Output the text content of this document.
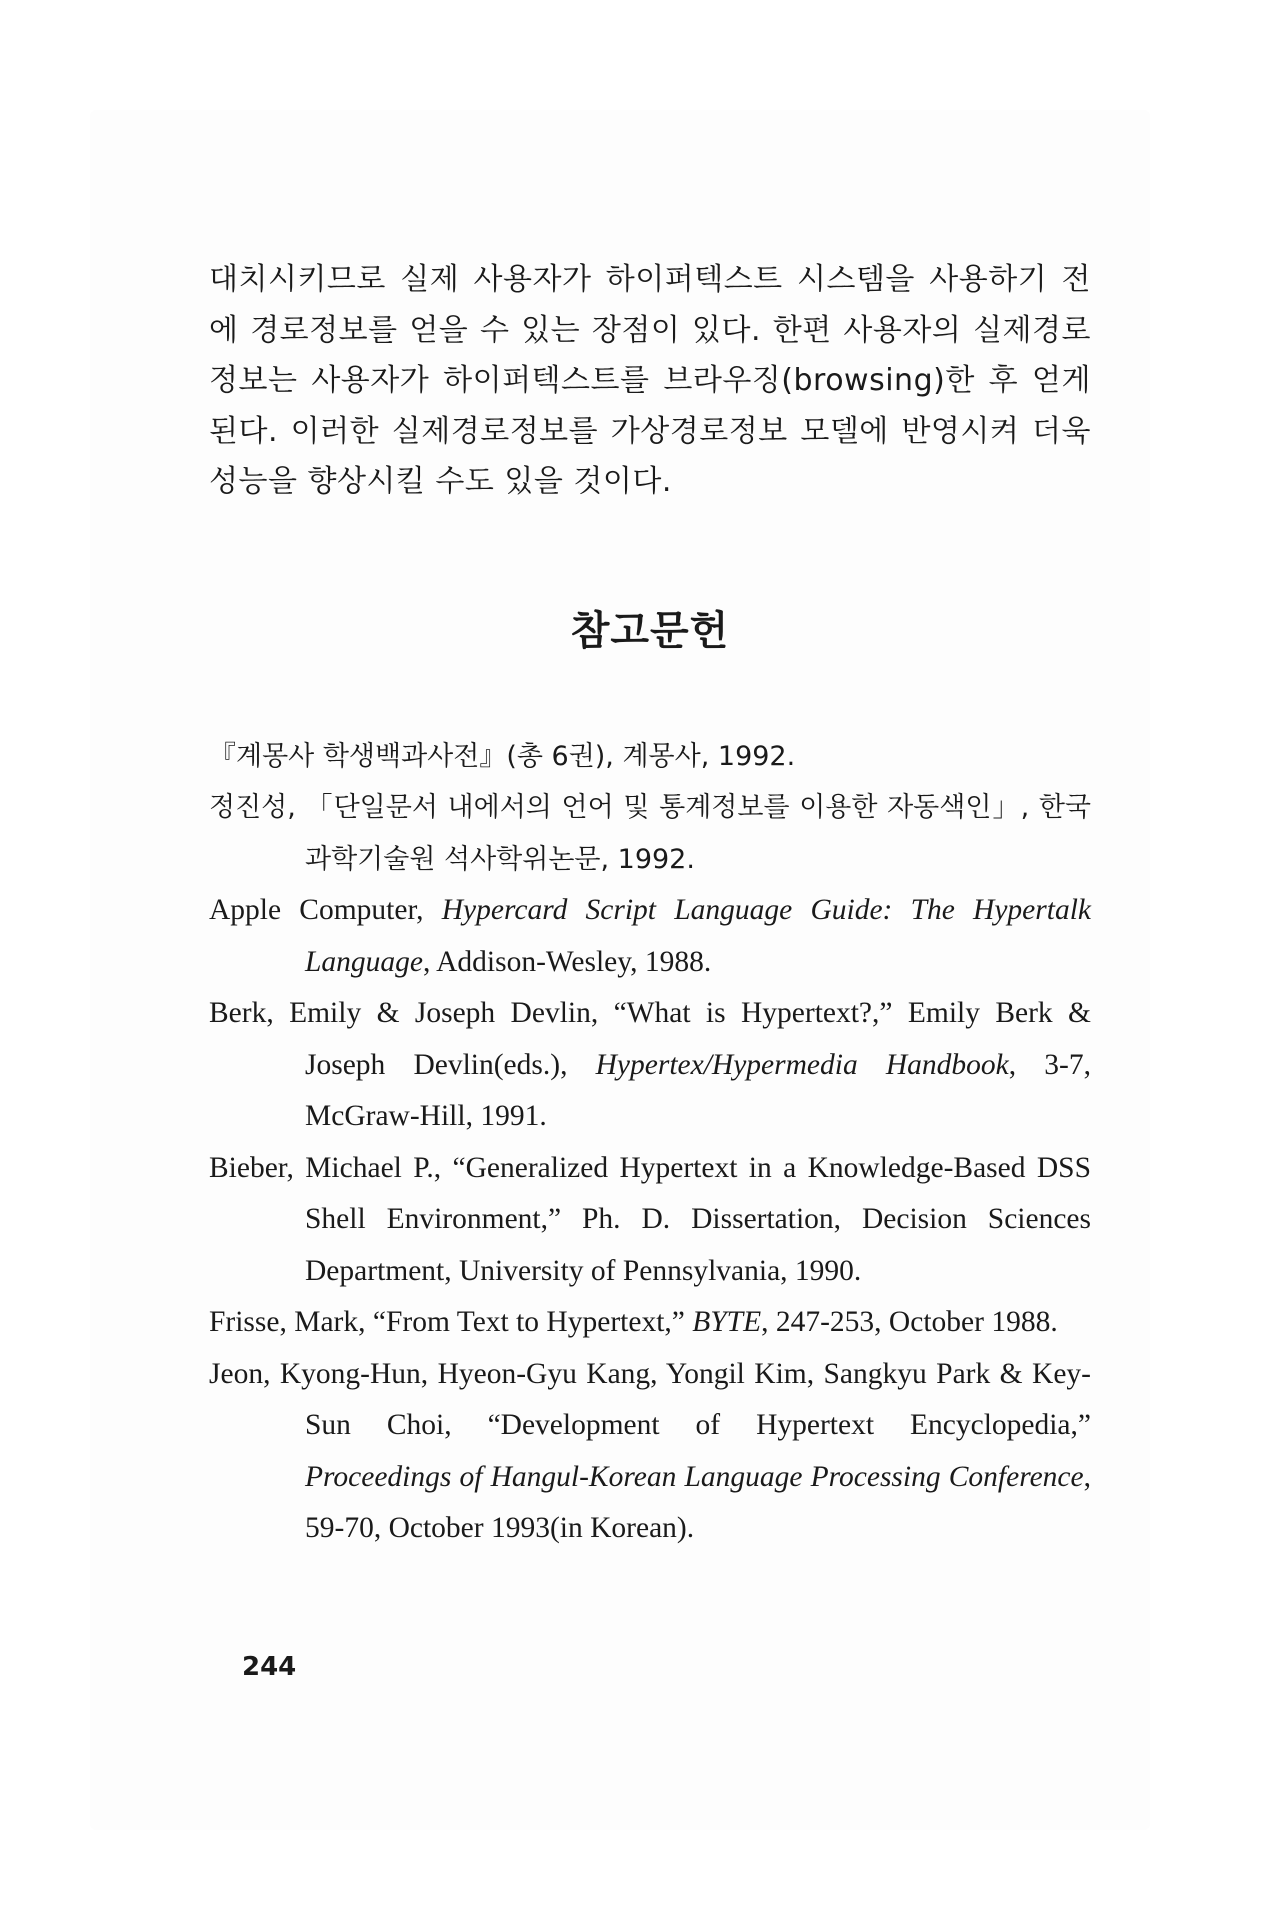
대치시키므로 실제 사용자가 하이퍼텍스트 시스템을 사용하기 전에 경로정보를 얻을 수 있는 장점이 있다. 한편 사용자의 실제경로 정보는 사용자가 하이퍼텍스트를 브라우징(browsing)한 후 얻게 된다. 이러한 실제경로정보를 가상경로정보 모델에 반영시켜 더욱 성능을 향상시킬 수도 있을 것이다.

참고문헌

『계몽사 학생백과사전』(총 6권), 계몽사, 1992.

정진성, 「단일문서 내에서의 언어 및 통계정보를 이용한 자동색인」, 한국과학기술원 석사학위논문, 1992.

Apple Computer, Hypercard Script Language Guide: The Hypertalk Language, Addison-Wesley, 1988.

Berk, Emily & Joseph Devlin, “What is Hypertext?,” Emily Berk & Joseph Devlin(eds.), Hypertex/Hypermedia Handbook, 3-7, McGraw-Hill, 1991.

Bieber, Michael P., “Generalized Hypertext in a Knowledge-Based DSS Shell Environment,” Ph. D. Dissertation, Decision Sciences Department, University of Pennsylvania, 1990.

Frisse, Mark, “From Text to Hypertext,” BYTE, 247-253, October 1988.

Jeon, Kyong-Hun, Hyeon-Gyu Kang, Yongil Kim, Sangkyu Park & Key-Sun Choi, “Development of Hypertext Encyclopedia,” Proceedings of Hangul-Korean Language Processing Conference, 59-70, October 1993(in Korean).

244
